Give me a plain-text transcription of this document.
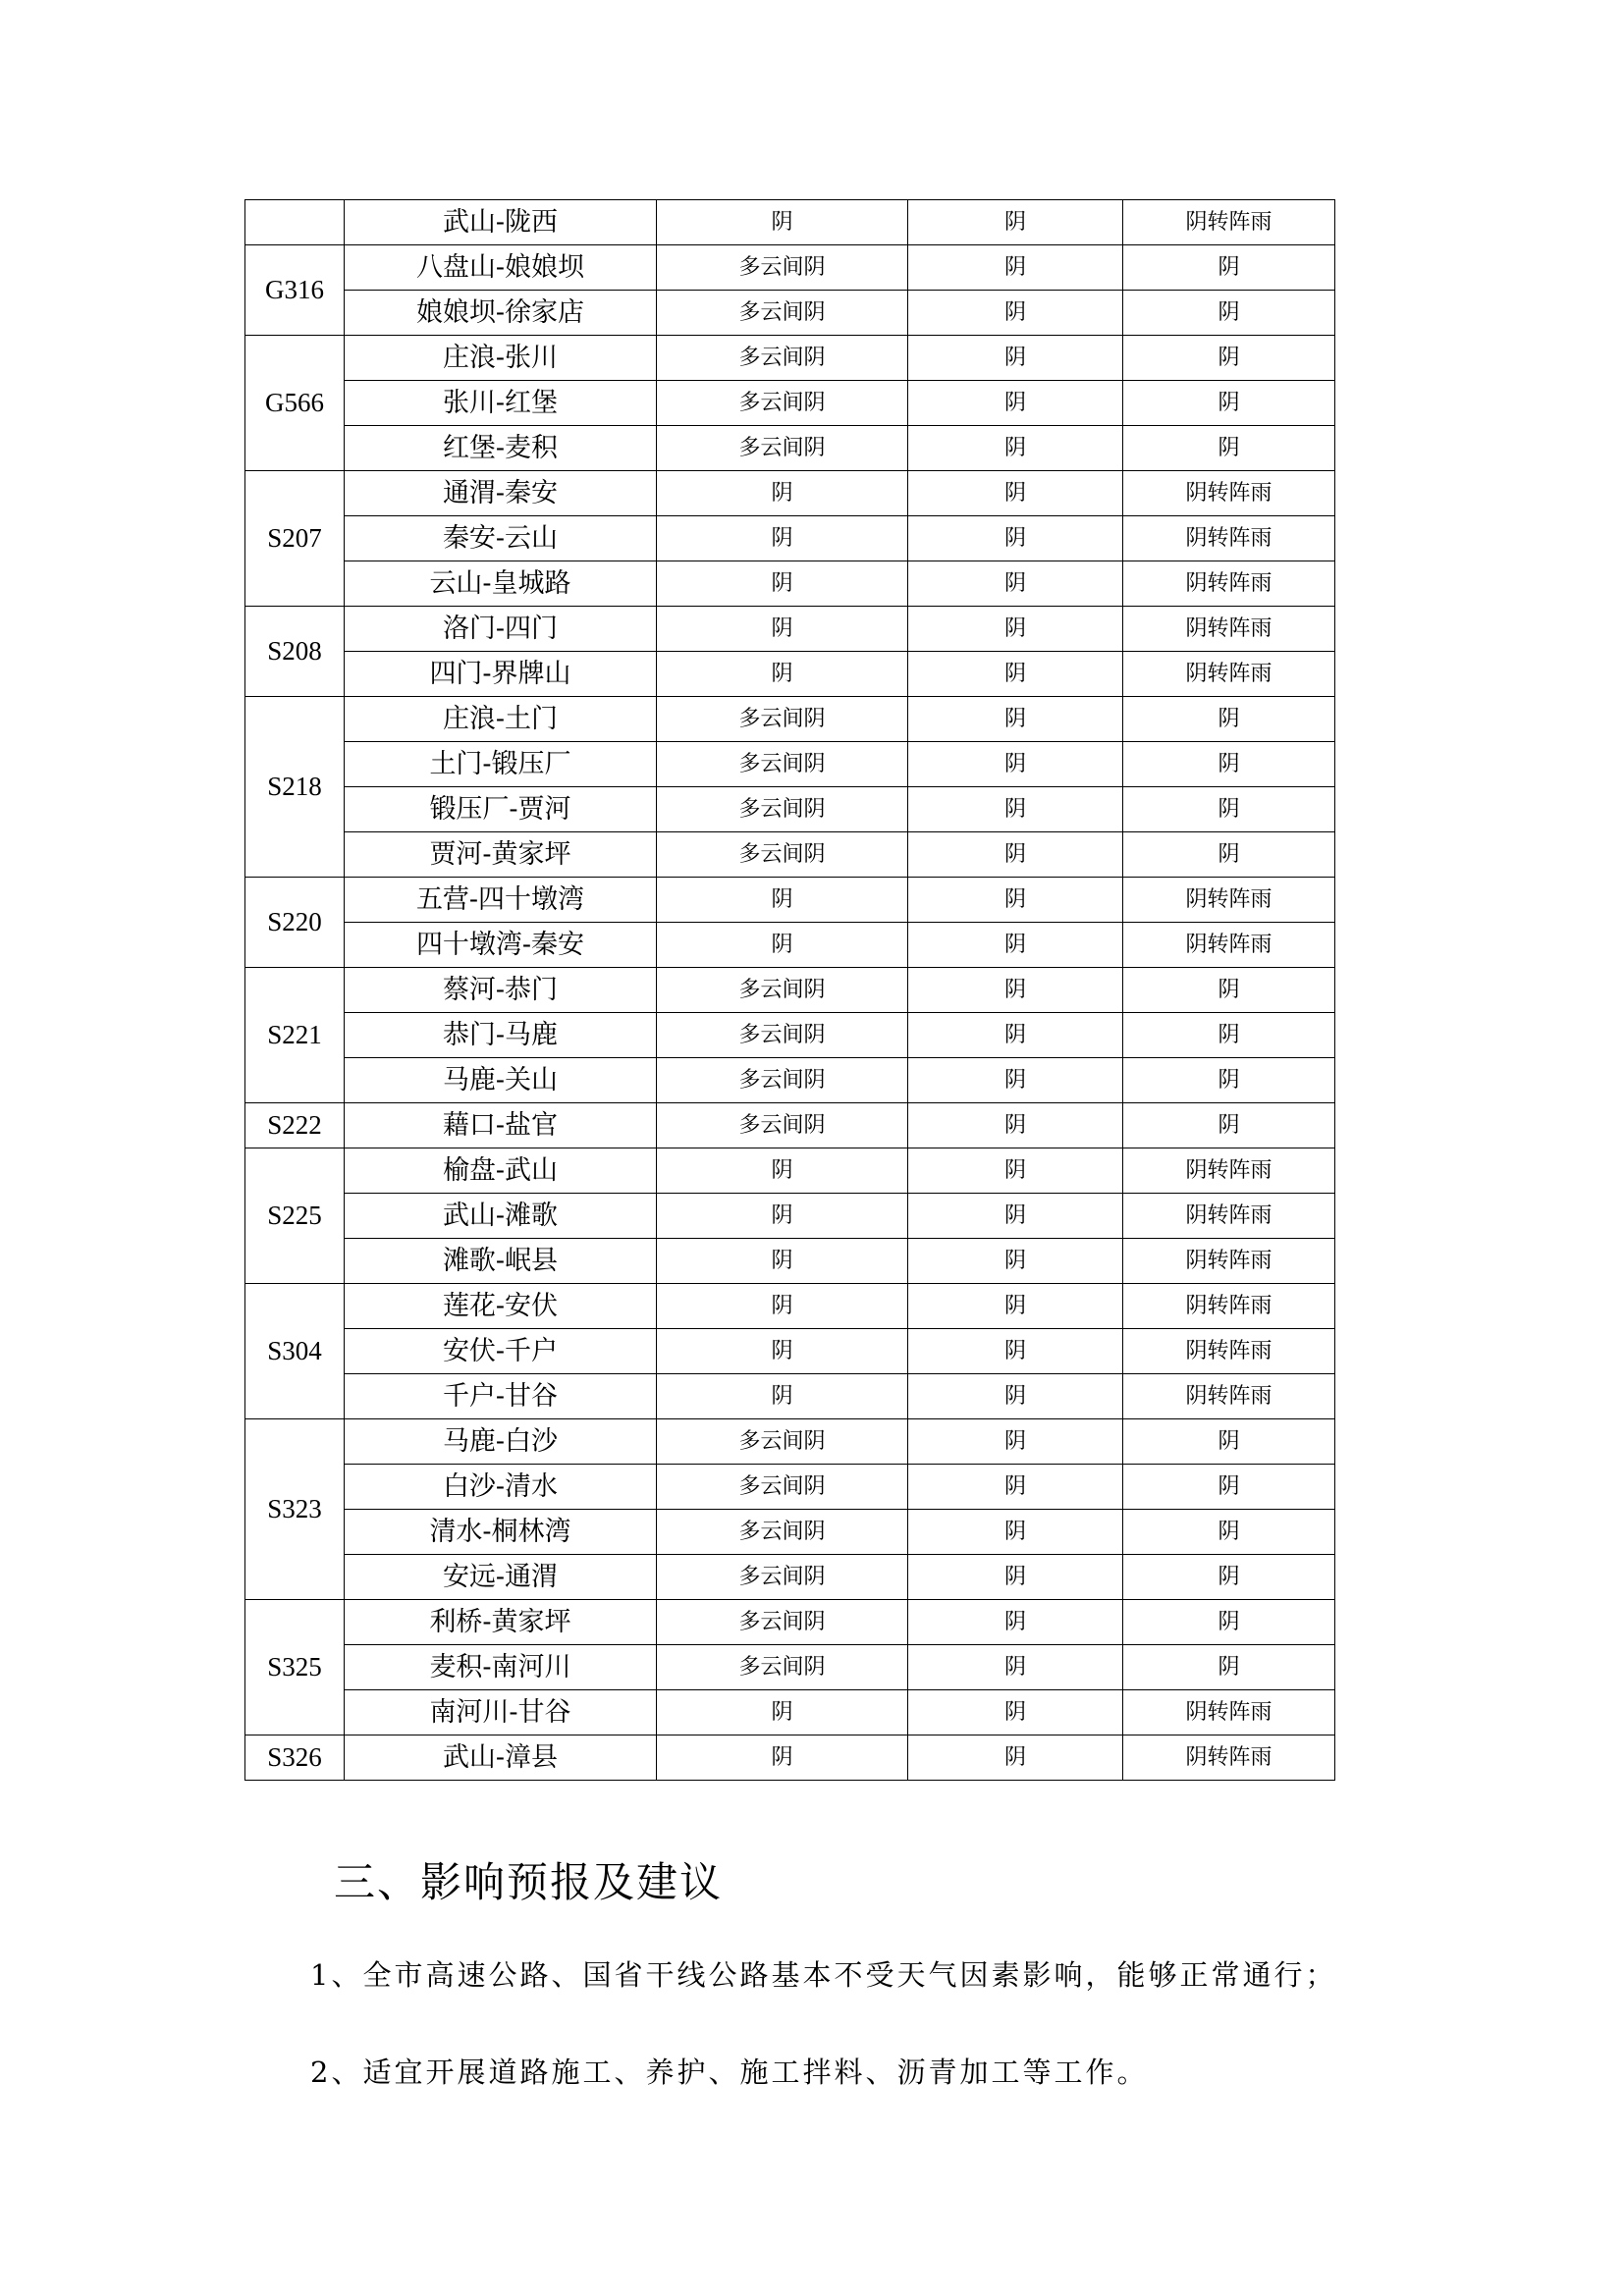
	武山-陇西	阴	阴	阴转阵雨
G316	八盘山-娘娘坝	多云间阴	阴	阴
	娘娘坝-徐家店	多云间阴	阴	阴
G566	庄浪-张川	多云间阴	阴	阴
	张川-红堡	多云间阴	阴	阴
	红堡-麦积	多云间阴	阴	阴
S207	通渭-秦安	阴	阴	阴转阵雨
	秦安-云山	阴	阴	阴转阵雨
	云山-皇城路	阴	阴	阴转阵雨
S208	洛门-四门	阴	阴	阴转阵雨
	四门-界牌山	阴	阴	阴转阵雨
S218	庄浪-土门	多云间阴	阴	阴
	土门-锻压厂	多云间阴	阴	阴
	锻压厂-贾河	多云间阴	阴	阴
	贾河-黄家坪	多云间阴	阴	阴
S220	五营-四十墩湾	阴	阴	阴转阵雨
	四十墩湾-秦安	阴	阴	阴转阵雨
S221	蔡河-恭门	多云间阴	阴	阴
	恭门-马鹿	多云间阴	阴	阴
	马鹿-关山	多云间阴	阴	阴
S222	藉口-盐官	多云间阴	阴	阴
S225	榆盘-武山	阴	阴	阴转阵雨
	武山-滩歌	阴	阴	阴转阵雨
	滩歌-岷县	阴	阴	阴转阵雨
S304	莲花-安伏	阴	阴	阴转阵雨
	安伏-千户	阴	阴	阴转阵雨
	千户-甘谷	阴	阴	阴转阵雨
S323	马鹿-白沙	多云间阴	阴	阴
	白沙-清水	多云间阴	阴	阴
	清水-桐林湾	多云间阴	阴	阴
	安远-通渭	多云间阴	阴	阴
S325	利桥-黄家坪	多云间阴	阴	阴
	麦积-南河川	多云间阴	阴	阴
	南河川-甘谷	阴	阴	阴转阵雨
S326	武山-漳县	阴	阴	阴转阵雨
三、影响预报及建议

1、全市高速公路、国省干线公路基本不受天气因素影响，能够正常通行；

2、适宜开展道路施工、养护、施工拌料、沥青加工等工作。
